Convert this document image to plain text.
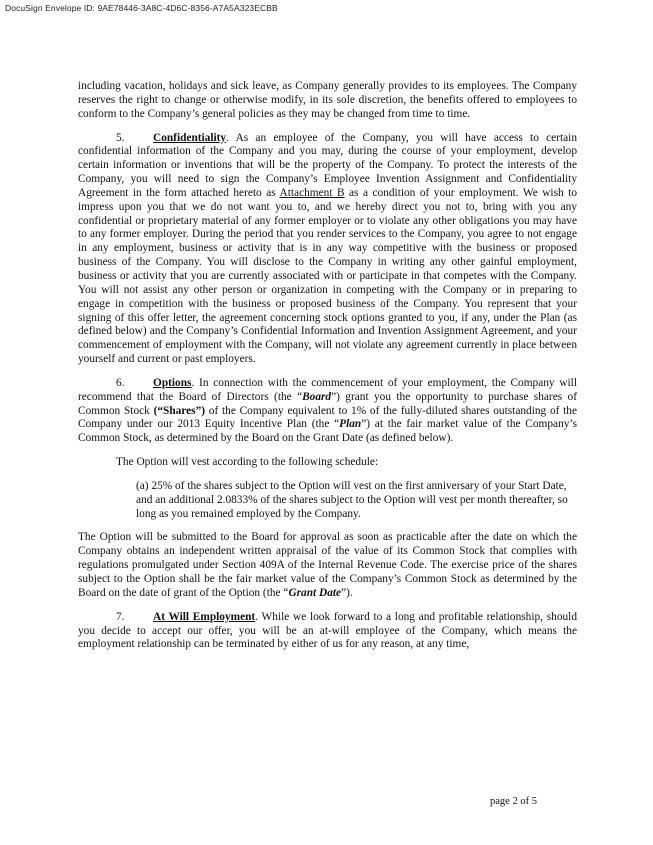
DocuSign Envelope ID: 9AE78446-3A8C-4D6C-8356-A7A5A323ECBB

including vacation, holidays and sick leave, as Company generally provides to its employees. The Company reserves the right to change or otherwise modify, in its sole discretion, the benefits offered to employees to conform to the Company’s general policies as they may be changed from time to time.

5.	Confidentiality. As an employee of the Company, you will have access to certain confidential information of the Company and you may, during the course of your employment, develop certain information or inventions that will be the property of the Company. To protect the interests of the Company, you will need to sign the Company’s Employee Invention Assignment and Confidentiality Agreement in the form attached hereto as Attachment B as a condition of your employment. We wish to impress upon you that we do not want you to, and we hereby direct you not to, bring with you any confidential or proprietary material of any former employer or to violate any other obligations you may have to any former employer. During the period that you render services to the Company, you agree to not engage in any employment, business or activity that is in any way competitive with the business or proposed business of the Company. You will disclose to the Company in writing any other gainful employment, business or activity that you are currently associated with or participate in that competes with the Company. You will not assist any other person or organization in competing with the Company or in preparing to engage in competition with the business or proposed business of the Company. You represent that your signing of this offer letter, the agreement concerning stock options granted to you, if any, under the Plan (as defined below) and the Company’s Confidential Information and Invention Assignment Agreement, and your commencement of employment with the Company, will not violate any agreement currently in place between yourself and current or past employers.

6.	Options. In connection with the commencement of your employment, the Company will recommend that the Board of Directors (the “Board”) grant you the opportunity to purchase shares of Common Stock (“Shares”) of the Company equivalent to 1% of the fully-diluted shares outstanding of the Company under our 2013 Equity Incentive Plan (the “Plan”) at the fair market value of the Company’s Common Stock, as determined by the Board on the Grant Date (as defined below).

The Option will vest according to the following schedule:

(a) 25% of the shares subject to the Option will vest on the first anniversary of your Start Date, and an additional 2.0833% of the shares subject to the Option will vest per month thereafter, so long as you remained employed by the Company.

The Option will be submitted to the Board for approval as soon as practicable after the date on which the Company obtains an independent written appraisal of the value of its Common Stock that complies with regulations promulgated under Section 409A of the Internal Revenue Code. The exercise price of the shares subject to the Option shall be the fair market value of the Company’s Common Stock as determined by the Board on the date of grant of the Option (the “Grant Date”).

7.	At Will Employment. While we look forward to a long and profitable relationship, should you decide to accept our offer, you will be an at-will employee of the Company, which means the employment relationship can be terminated by either of us for any reason, at any time,

page 2 of 5
